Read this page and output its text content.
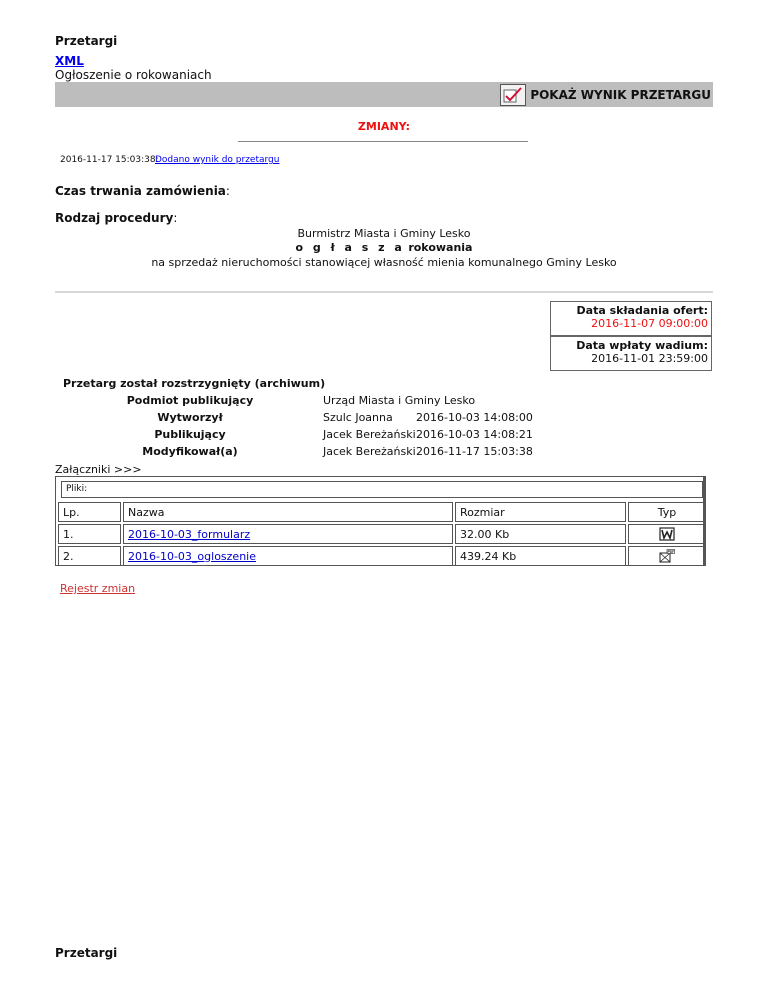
Przetargi
XML
Ogłoszenie o rokowaniach
POKAŻ WYNIK PRZETARGU
ZMIANY:
2016-11-17 15:03:38:
Dodano wynik do przetargu
Czas trwania zamówienia:
Rodzaj procedury:
Burmistrz Miasta i Gminy Lesko
o g ł a s z a rokowania
na sprzedaż nieruchomości stanowiącej własność mienia komunalnego Gminy Lesko
Data składania ofert:
2016-11-07 09:00:00
Data wpłaty wadium:
2016-11-01 23:59:00
Przetarg został rozstrzygnięty (archiwum)
Podmiot publikujący	Urząd Miasta i Gminy Lesko
Wytworzył	Szulc Joanna 2016-10-03 14:08:00
Publikujący	Jacek Bereżański 2016-10-03 14:08:21
Modyfikował(a)	Jacek Bereżański 2016-11-17 15:03:38
Załączniki >>>
Pliki:
Lp.	Nazwa	Rozmiar	Typ
1.	2016-10-03_formularz	32.00 Kb	
2.	2016-10-03_ogloszenie	439.24 Kb	
Rejestr zmian
Przetargi
